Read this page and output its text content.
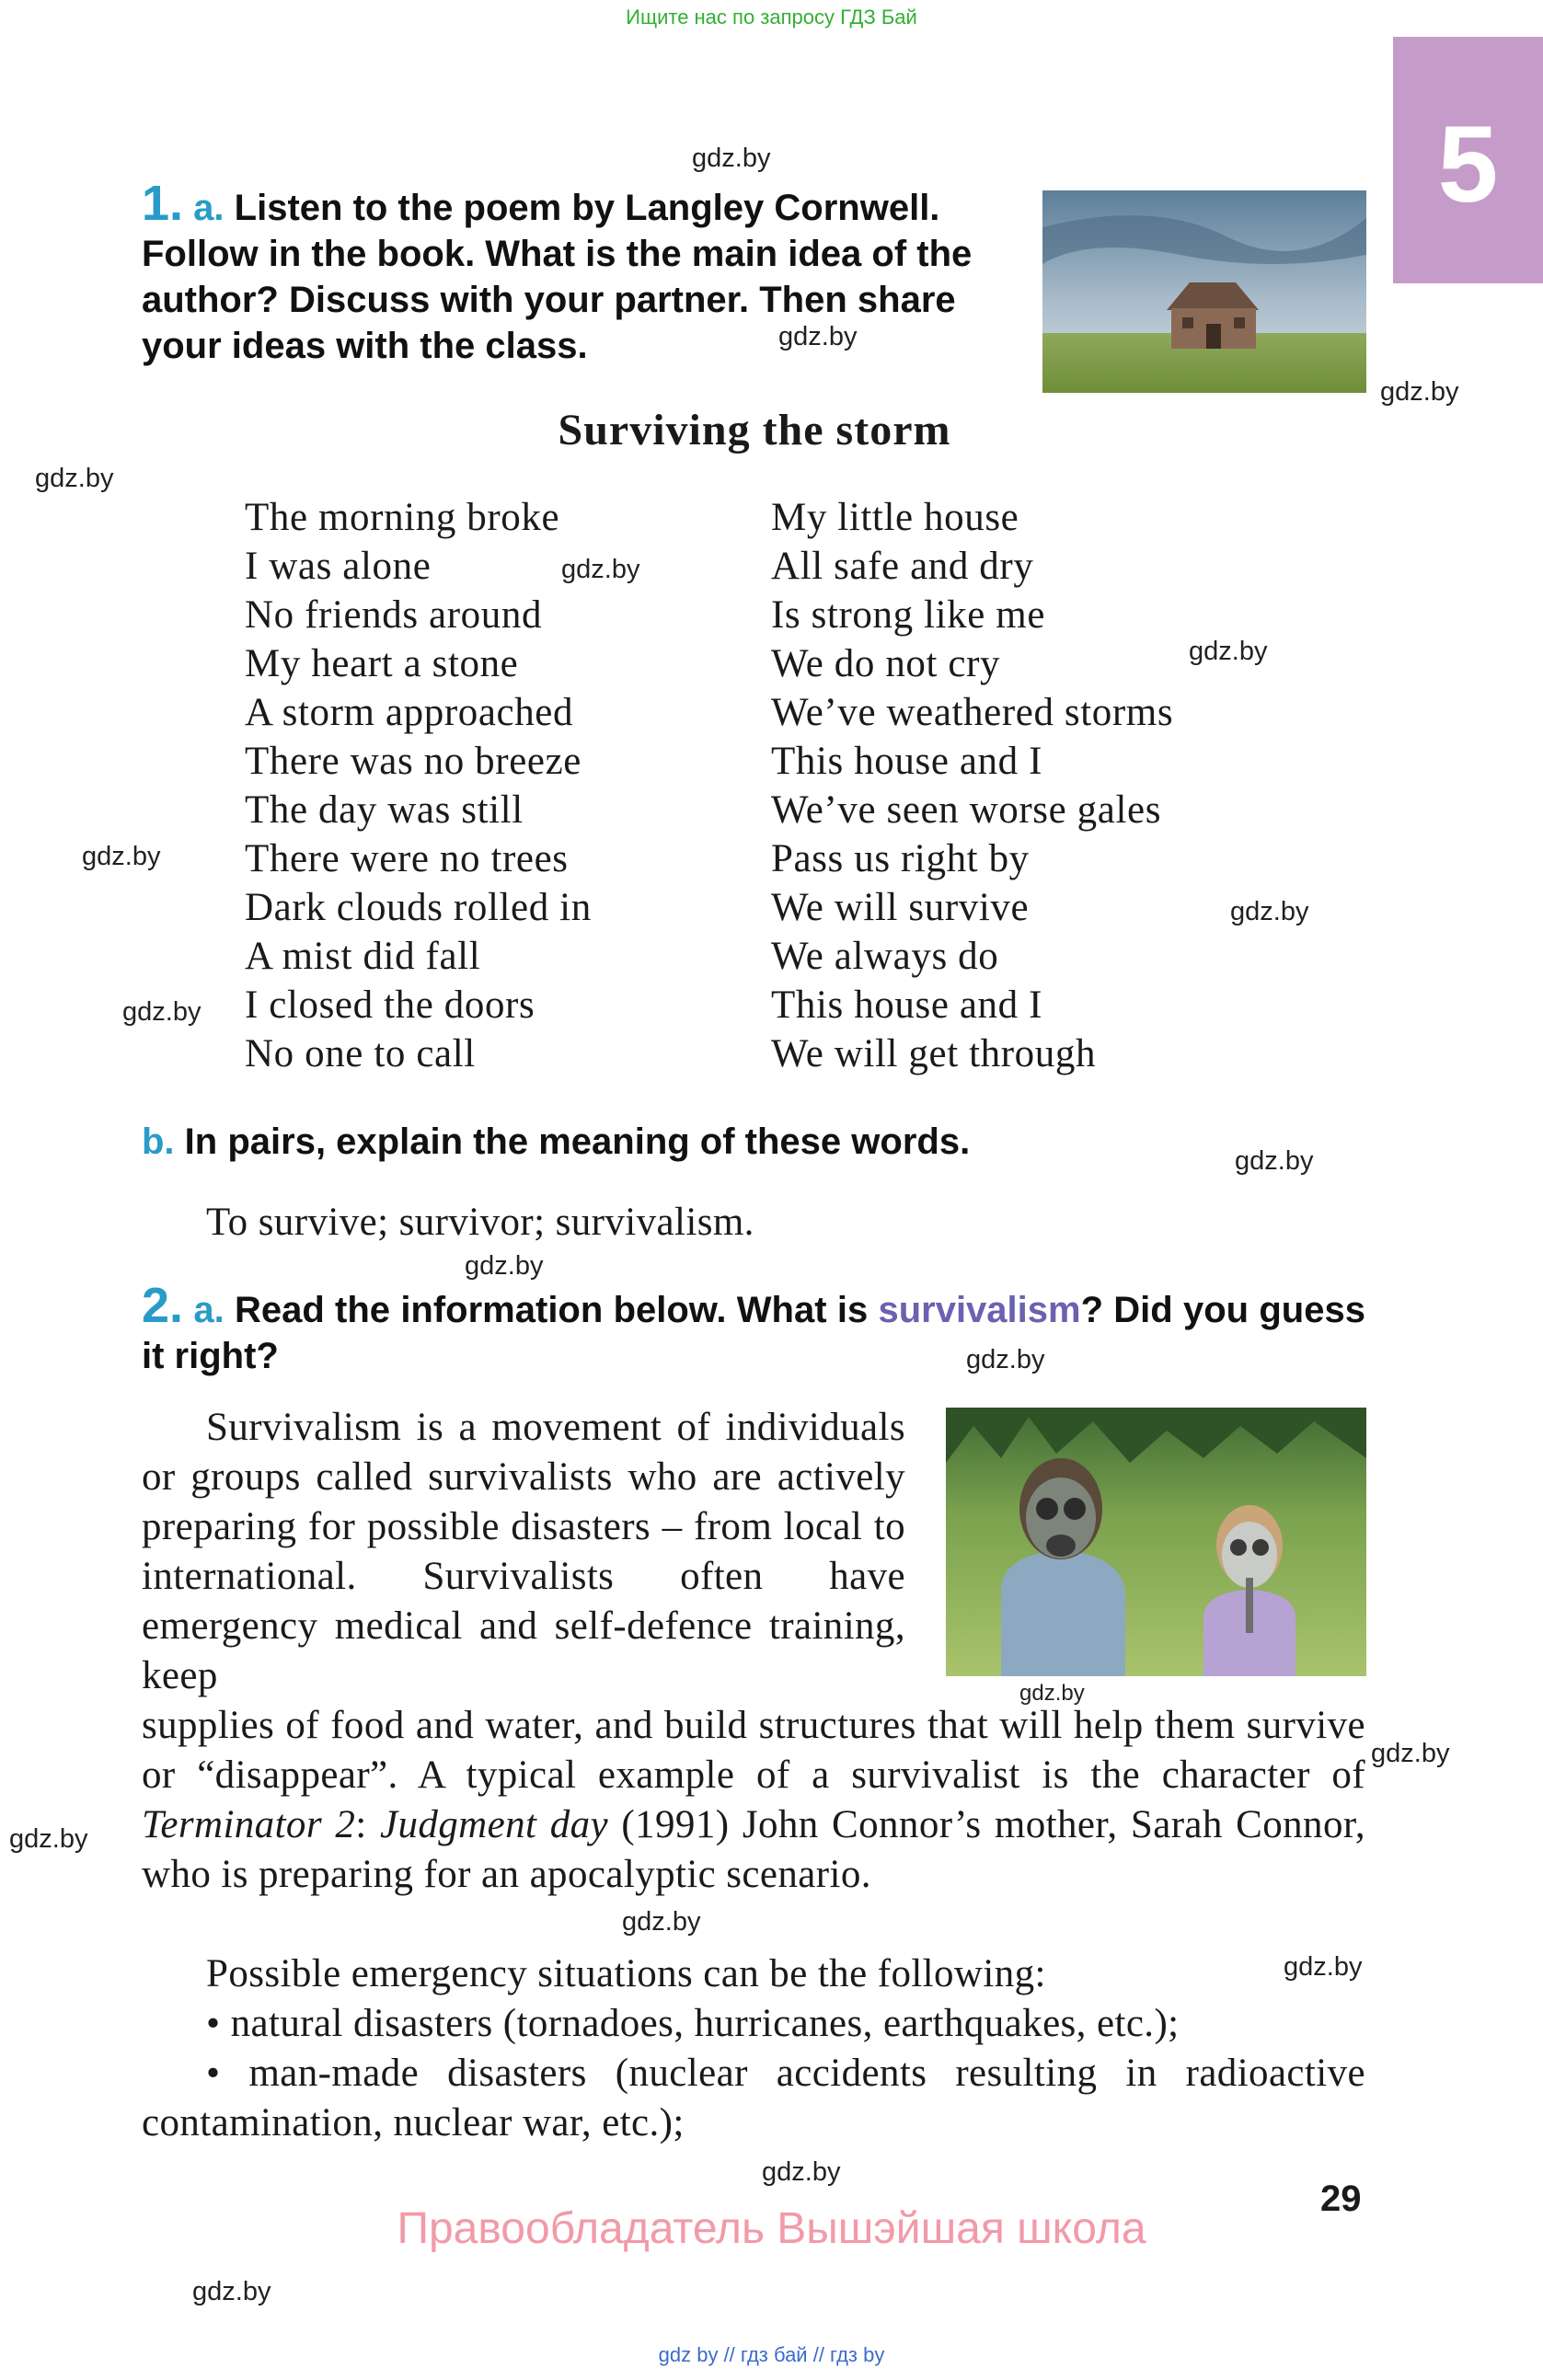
Ищите нас по запросу ГДЗ Бай
5
gdz.by
gdz.by
gdz.by
gdz.by
gdz.by
gdz.by
gdz.by
gdz.by
gdz.by
gdz.by
gdz.by
gdz.by
gdz.by
gdz.by
gdz.by
gdz.by
gdz.by
gdz.by
gdz.by
1. a. Listen to the poem by Langley Cornwell. Follow in the book. What is the main idea of the author? Discuss with your partner. Then share your ideas with the class.
Surviving the storm
The morning broke
I was alone
No friends around
My heart a stone
A storm approached
There was no breeze
The day was still
There were no trees
Dark clouds rolled in
A mist did fall
I closed the doors
No one to call
My little house
All safe and dry
Is strong like me
We do not cry
We’ve weathered storms
This house and I
We’ve seen worse gales
Pass us right by
We will survive
We always do
This house and I
We will get through
b. In pairs, explain the meaning of these words.
To survive; survivor; survivalism.
2. a. Read the information below. What is survivalism? Did you guess it right?
Survivalism is a movement of individuals or groups called survivalists who are actively preparing for possible disasters – from local to international. Survivalists often have emergency medical and self-defence training, keep
supplies of food and water, and build structures that will help them survive or “disappear”. A typical example of a survivalist is the character of Terminator 2: Judgment day (1991) John Connor’s mother, Sarah Connor, who is preparing for an apocalyptic scenario.
Possible emergency situations can be the following:
• natural disasters (tornadoes, hurricanes, earthquakes, etc.);
• man-made disasters (nuclear accidents resulting in radioactive contamination, nuclear war, etc.);
29
Правообладатель Вышэйшая школа
gdz by // гдз бай // гдз by
